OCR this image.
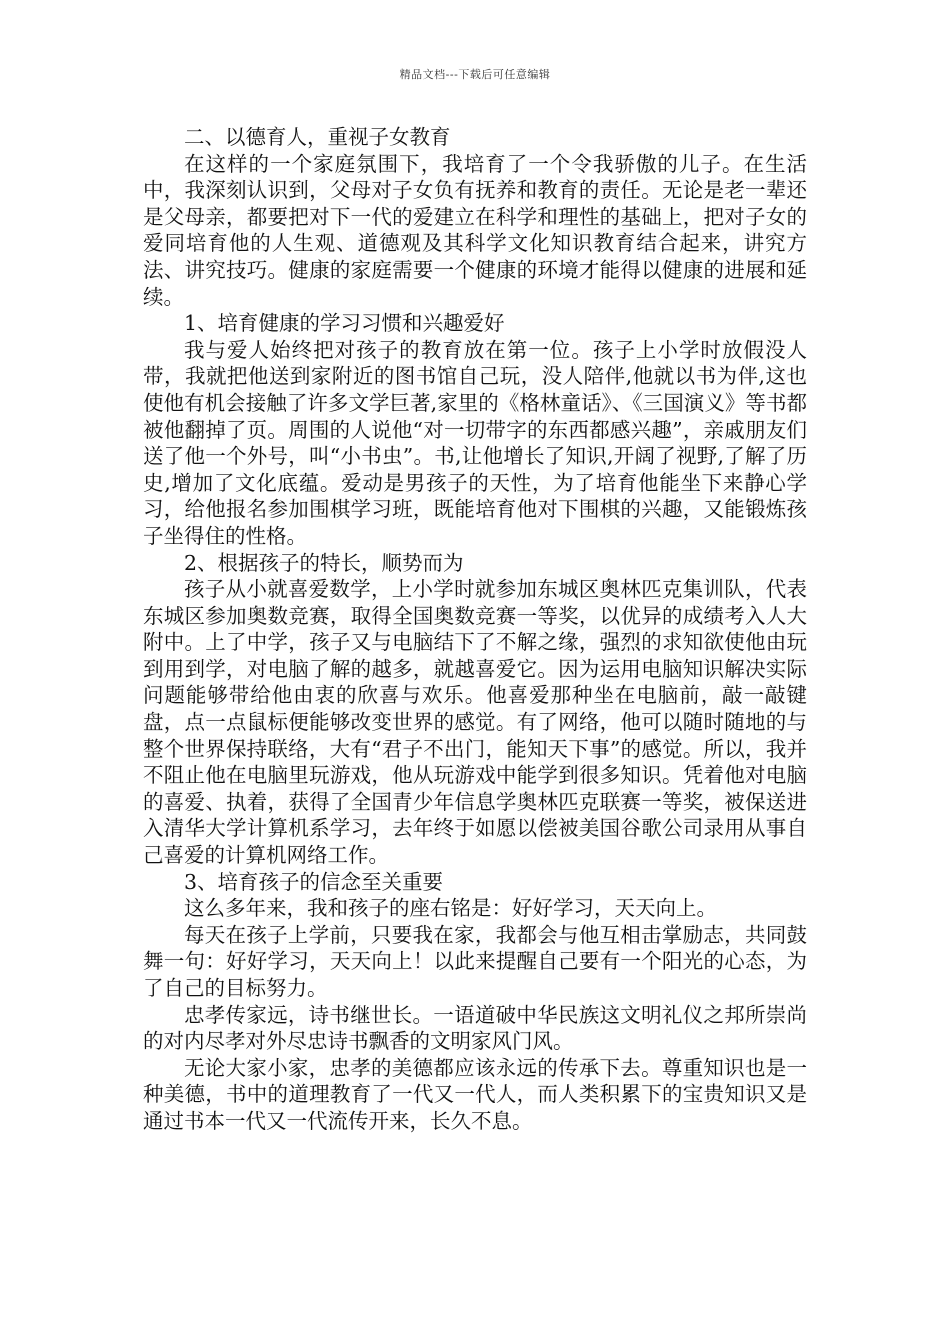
精品文档---下载后可任意编辑

二、以德育人，重视子女教育

在这样的一个家庭氛围下，我培育了一个令我骄傲的儿子。在生活中，我深刻认识到，父母对子女负有抚养和教育的责任。无论是老一辈还是父母亲，都要把对下一代的爱建立在科学和理性的基础上，把对子女的爱同培育他的人生观、道德观及其科学文化知识教育结合起来，讲究方法、讲究技巧。健康的家庭需要一个健康的环境才能得以健康的进展和延续。

1、培育健康的学习习惯和兴趣爱好

我与爱人始终把对孩子的教育放在第一位。孩子上小学时放假没人带，我就把他送到家附近的图书馆自己玩，没人陪伴,他就以书为伴,这也使他有机会接触了许多文学巨著,家里的《格林童话》、《三国演义》等书都被他翻掉了页。周围的人说他“对一切带字的东西都感兴趣”，亲戚朋友们送了他一个外号，叫“小书虫”。书,让他增长了知识,开阔了视野,了解了历史,增加了文化底蕴。爱动是男孩子的天性，为了培育他能坐下来静心学习，给他报名参加围棋学习班，既能培育他对下围棋的兴趣，又能锻炼孩子坐得住的性格。

2、根据孩子的特长，顺势而为

孩子从小就喜爱数学，上小学时就参加东城区奥林匹克集训队，代表东城区参加奥数竞赛，取得全国奥数竞赛一等奖，以优异的成绩考入人大附中。上了中学，孩子又与电脑结下了不解之缘，强烈的求知欲使他由玩到用到学，对电脑了解的越多，就越喜爱它。因为运用电脑知识解决实际问题能够带给他由衷的欣喜与欢乐。他喜爱那种坐在电脑前，敲一敲键盘，点一点鼠标便能够改变世界的感觉。有了网络，他可以随时随地的与整个世界保持联络，大有“君子不出门，能知天下事”的感觉。所以，我并不阻止他在电脑里玩游戏，他从玩游戏中能学到很多知识。凭着他对电脑的喜爱、执着，获得了全国青少年信息学奥林匹克联赛一等奖，被保送进入清华大学计算机系学习，去年终于如愿以偿被美国谷歌公司录用从事自己喜爱的计算机网络工作。

3、培育孩子的信念至关重要

这么多年来，我和孩子的座右铭是：好好学习，天天向上。

每天在孩子上学前，只要我在家，我都会与他互相击掌励志，共同鼓舞一句：好好学习，天天向上！以此来提醒自己要有一个阳光的心态，为了自己的目标努力。

忠孝传家远，诗书继世长。一语道破中华民族这文明礼仪之邦所崇尚的对内尽孝对外尽忠诗书飘香的文明家风门风。

无论大家小家，忠孝的美德都应该永远的传承下去。尊重知识也是一种美德，书中的道理教育了一代又一代人，而人类积累下的宝贵知识又是通过书本一代又一代流传开来，长久不息。
